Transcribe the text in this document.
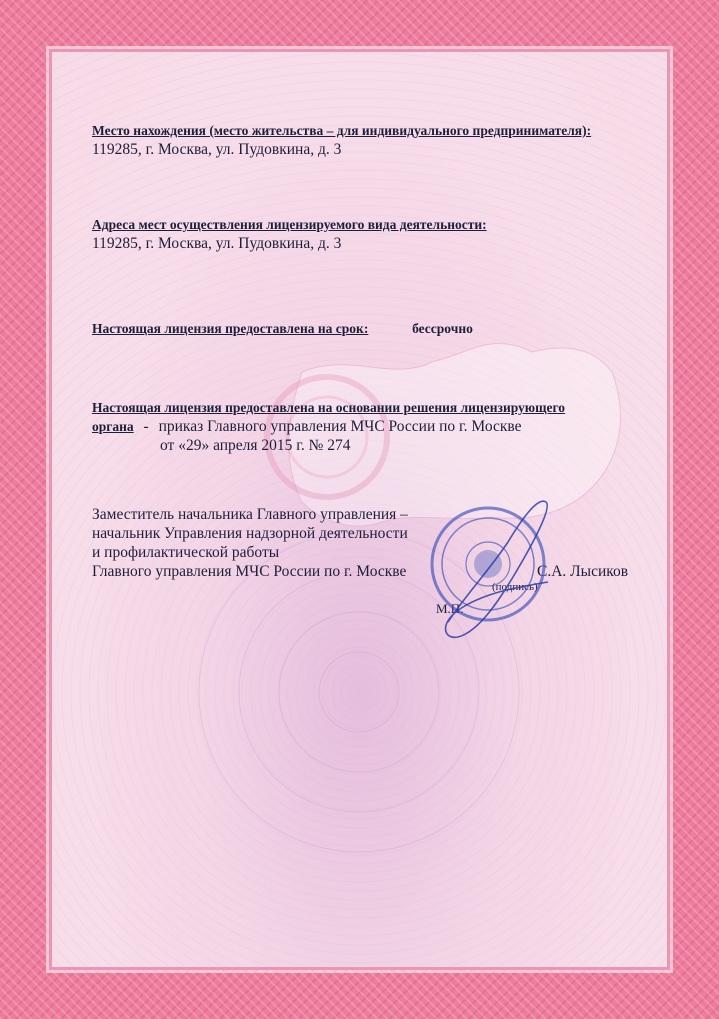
Место нахождения (место жительства – для индивидуального предпринимателя):
119285, г. Москва, ул. Пудовкина, д. 3
Адреса мест осуществления лицензируемого вида деятельности:
119285, г. Москва, ул. Пудовкина, д. 3
Настоящая лицензия предоставлена на срок:	бессрочно
Настоящая лицензия предоставлена на основании решения лицензирующего
органа - приказ Главного управления МЧС России по г. Москве
от «29» апреля 2015 г. № 274
Заместитель начальника Главного управления –
начальник Управления надзорной деятельности
и профилактической работы
Главного управления МЧС России по г. Москве
(подпись)
С.А. Лысиков
М.П.
